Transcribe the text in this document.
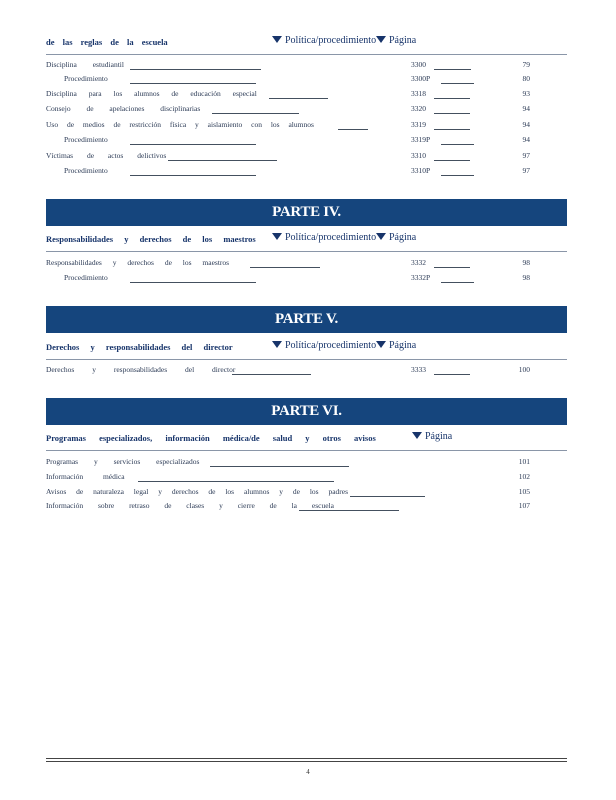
de las reglas de la escuela	Política/procedimiento	Página
Disciplina estudiantil	3300	79
Procedimiento	3300P	80
Disciplina para los alumnos de educación especial	3318	93
Consejo de apelaciones disciplinarias	3320	94
Uso de medios de restricción física y aislamiento con los alumnos	3319	94
Procedimiento	3319P	94
Víctimas de actos delictivos	3310	97
Procedimiento	3310P	97
PARTE IV.
Responsabilidades y derechos de los maestros	Política/procedimiento	Página
Responsabilidades y derechos de los maestros	3332	98
Procedimiento	3332P	98
PARTE V.
Derechos y responsabilidades del director	Política/procedimiento	Página
Derechos y responsabilidades del director	3333	100
PARTE VI.
Programas especializados, información médica/de salud y otros avisos	Página
Programas y servicios especializados	101
Información médica	102
Avisos de naturaleza legal y derechos de los alumnos y de los padres	105
Información sobre retraso de clases y cierre de la escuela	107
4
